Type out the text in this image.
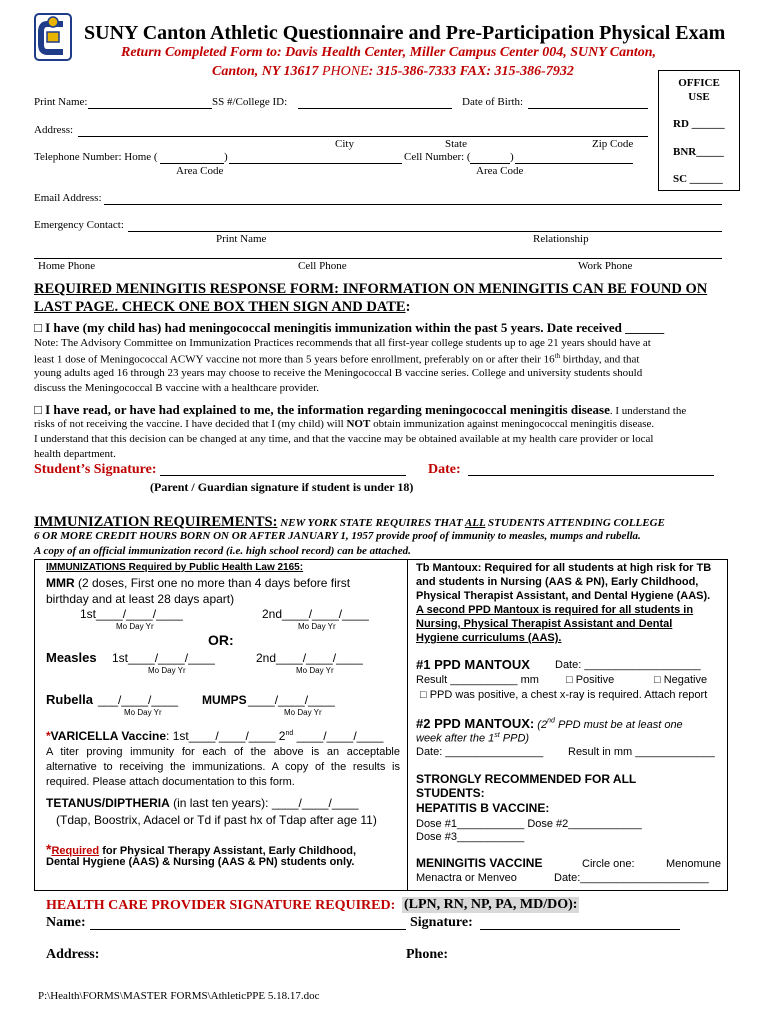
SUNY Canton Athletic Questionnaire and Pre-Participation Physical Exam
Return Completed Form to: Davis Health Center, Miller Campus Center 004, SUNY Canton,
Canton, NY 13617 PHONE: 315-386-7333 FAX: 315-386-7932
OFFICE
USE
RD ______
BNR_____
SC ______
Print Name:	SS #/College ID:	Date of Birth:
Address:
City	State	Zip Code
Telephone Number: Home (	)	Cell Number: (	)
Area Code	Area Code
Email Address:
Emergency Contact:
Print Name	Relationship
Home Phone	Cell Phone	Work Phone
REQUIRED MENINGITIS RESPONSE FORM: INFORMATION ON MENINGITIS CAN BE FOUND ON
LAST PAGE. CHECK ONE BOX THEN SIGN AND DATE:
□ I have (my child has) had meningococcal meningitis immunization within the past 5 years. Date received ______
Note: The Advisory Committee on Immunization Practices recommends that all first-year college students up to age 21 years should have at
least 1 dose of Meningococcal ACWY vaccine not more than 5 years before enrollment, preferably on or after their 16th birthday, and that
young adults aged 16 through 23 years may choose to receive the Meningococcal B vaccine series. College and university students should
discuss the Meningococcal B vaccine with a healthcare provider.
□ I have read, or have had explained to me, the information regarding meningococcal meningitis disease. I understand the
risks of not receiving the vaccine. I have decided that I (my child) will NOT obtain immunization against meningococcal meningitis disease.
I understand that this decision can be changed at any time, and that the vaccine may be obtained available at my health care provider or local
health department.
Student’s Signature:	Date:
(Parent / Guardian signature if student is under 18)
IMMUNIZATION REQUIREMENTS: NEW YORK STATE REQUIRES THAT ALL STUDENTS ATTENDING COLLEGE
6 OR MORE CREDIT HOURS BORN ON OR AFTER JANUARY 1, 1957 provide proof of immunity to measles, mumps and rubella.
A copy of an official immunization record (i.e. high school record) can be attached.
IMMUNIZATIONS Required by Public Health Law 2165:
MMR (2 doses, First one no more than 4 days before first
birthday and at least 28 days apart)
1st____/____/____	2nd____/____/____
Mo Day Yr	Mo Day Yr
OR:
Measles 1st____/____/____	2nd____/____/____
Mo Day Yr	Mo Day Yr
Rubella ___/____/____ MUMPS ____/____/____
Mo Day Yr	Mo Day Yr
*VARICELLA Vaccine: 1st____/____/____ 2nd ____/____/____
A titer proving immunity for each of the above is an acceptable alternative to receiving the immunizations. A copy of the results is required. Please attach documentation to this form.
TETANUS/DIPTHERIA (in last ten years): ____/____/____
(Tdap, Boostrix, Adacel or Td if past hx of Tdap after age 11)
*Required for Physical Therapy Assistant, Early Childhood,
Dental Hygiene (AAS) & Nursing (AAS & PN) students only.
Tb Mantoux: Required for all students at high risk for TB
and students in Nursing (AAS & PN), Early Childhood,
Physical Therapist Assistant, and Dental Hygiene (AAS).
A second PPD Mantoux is required for all students in
Nursing, Physical Therapist Assistant and Dental
Hygiene curriculums (AAS).
#1 PPD MANTOUX Date: ___________________
Result ___________ mm □ Positive	□ Negative
□ PPD was positive, a chest x-ray is required. Attach report
#2 PPD MANTOUX: (2nd PPD must be at least one
week after the 1st PPD)
Date: ________________ Result in mm _____________
STRONGLY RECOMMENDED FOR ALL
STUDENTS:
HEPATITIS B VACCINE:
Dose #1___________ Dose #2____________
Dose #3___________
MENINGITIS VACCINE	Circle one:	Menomune
Menactra or Menveo	Date:_____________________
HEALTH CARE PROVIDER SIGNATURE REQUIRED: (LPN, RN, NP, PA, MD/DO):
Name:	Signature:
Address:	Phone:
P:\Health\FORMS\MASTER FORMS\AthleticPPE 5.18.17.doc
